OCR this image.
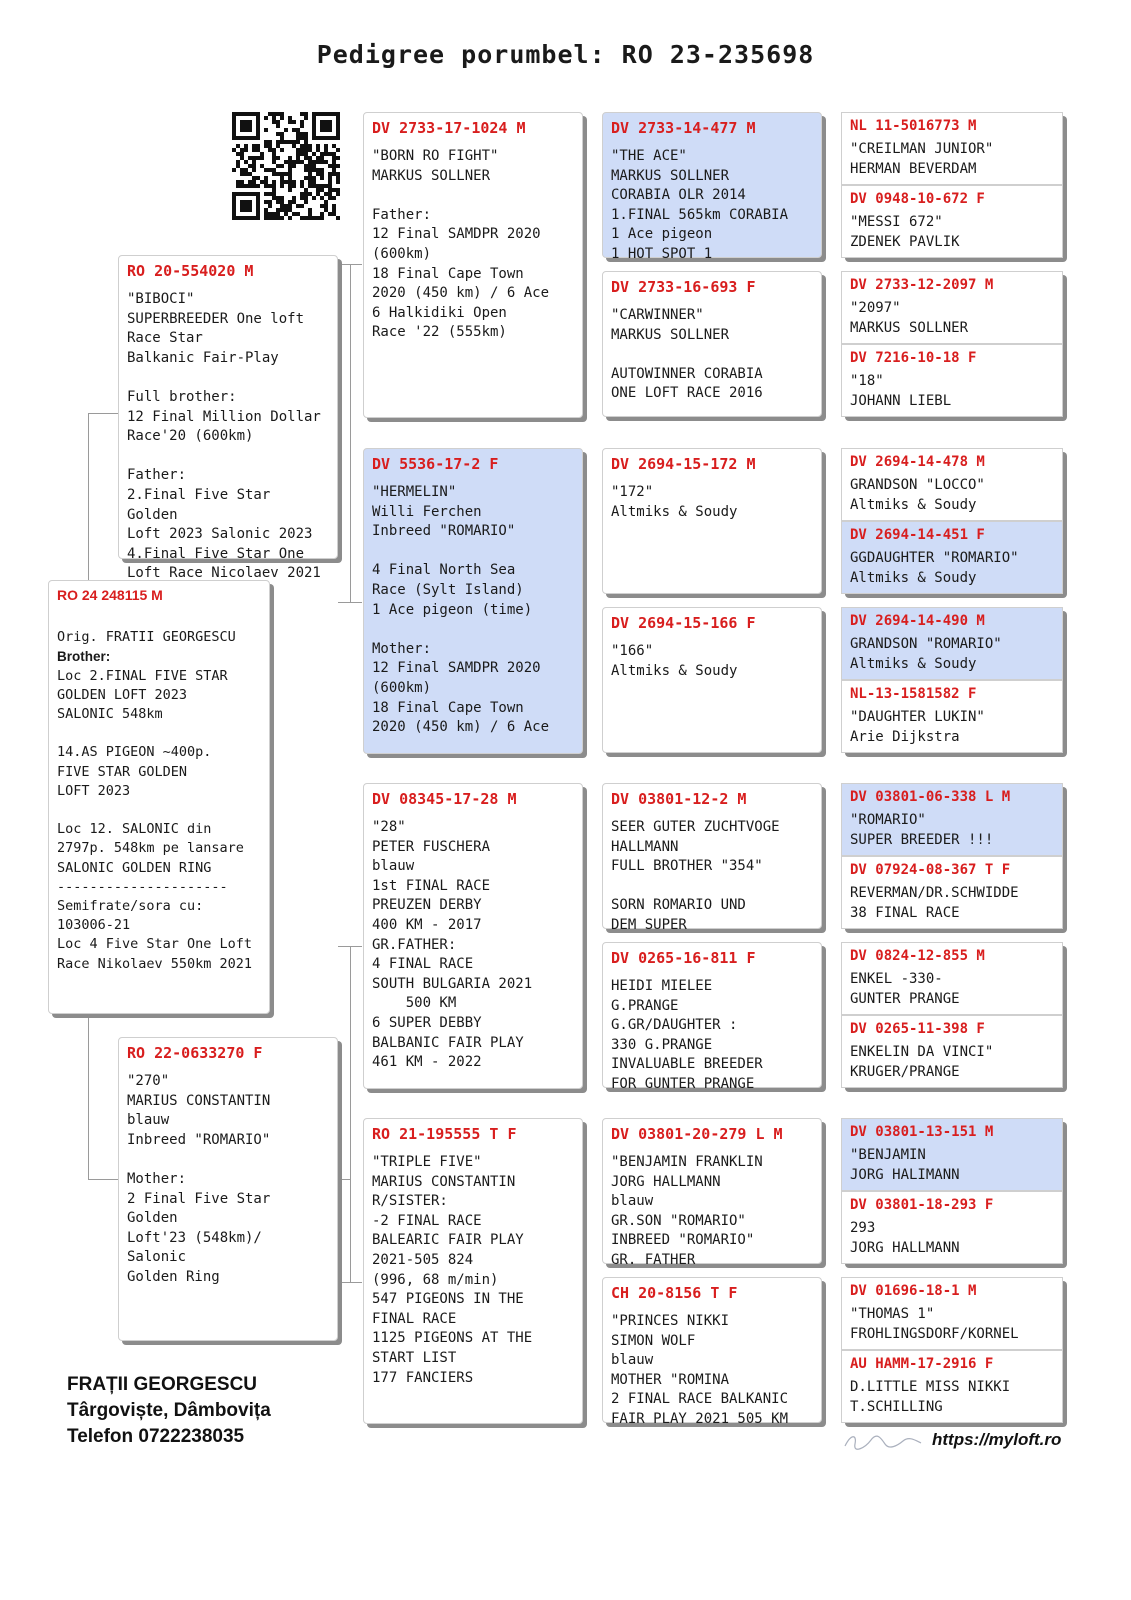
Pedigree porumbel: RO 23-235698
RO 24 248115 M

Orig. FRATII GEORGESCU
Brother:
Loc 2.FINAL FIVE STAR
GOLDEN LOFT 2023
SALONIC 548km

14.AS PIGEON ~400p.
FIVE STAR GOLDEN
LOFT 2023

Loc 12. SALONIC din
2797p. 548km pe lansare
SALONIC GOLDEN RING
---------------------
Semifrate/sora cu:
103006-21
Loc 4 Five Star One Loft
Race Nikolaev 550km 2021
RO 20-554020 M
"BIBOCI"
SUPERBREEDER One loft
Race Star
Balkanic Fair-Play

Full brother:
12 Final Million Dollar
Race'20 (600km)

Father:
2.Final Five Star Golden
Loft 2023 Salonic 2023
4.Final Five Star One
Loft Race Nicolaev 2021
RO 22-0633270 F
"270"
MARIUS CONSTANTIN
blauw
Inbreed "ROMARIO"

Mother:
2 Final Five Star Golden
Loft'23 (548km)/ Salonic
Golden Ring
DV 2733-17-1024 M
"BORN RO FIGHT"
MARKUS SOLLNER

Father:
12 Final SAMDPR 2020
(600km)
18 Final Cape Town
2020 (450 km) / 6 Ace
6 Halkidiki Open
Race '22 (555km)
DV 5536-17-2 F
"HERMELIN"
Willi Ferchen
Inbreed "ROMARIO"

4 Final North Sea
Race (Sylt Island)
1 Ace pigeon (time)

Mother:
12 Final SAMDPR 2020
(600km)
18 Final Cape Town
2020 (450 km) / 6 Ace
DV 08345-17-28 M
"28"
PETER FUSCHERA
blauw
1st FINAL RACE
PREUZEN DERBY
400 KM - 2017
GR.FATHER:
4 FINAL RACE
SOUTH BULGARIA 2021
500 KM
6 SUPER DEBBY
BALBANIC FAIR PLAY
461 KM - 2022
RO 21-195555 T F
"TRIPLE FIVE"
MARIUS CONSTANTIN
R/SISTER:
-2 FINAL RACE
BALEARIC FAIR PLAY
2021-505 824
(996, 68 m/min)
547 PIGEONS IN THE
FINAL RACE
1125 PIGEONS AT THE
START LIST
177 FANCIERS
DV 2733-14-477 M
"THE ACE"
MARKUS SOLLNER
CORABIA OLR 2014
1.FINAL 565km CORABIA
1 Ace pigeon
1 HOT SPOT 1
DV 2733-16-693 F
"CARWINNER"
MARKUS SOLLNER

AUTOWINNER CORABIA
ONE LOFT RACE 2016
DV 2694-15-172 M
"172"
Altmiks & Soudy
DV 2694-15-166 F
"166"
Altmiks & Soudy
DV 03801-12-2 M
SEER GUTER ZUCHTVOGE
HALLMANN
FULL BROTHER "354"

SORN ROMARIO UND
DEM SUPER
DV 0265-16-811 F
HEIDI MIELEE
G.PRANGE
G.GR/DAUGHTER :
330 G.PRANGE
INVALUABLE BREEDER
FOR GUNTER PRANGE
DV 03801-20-279 L M
"BENJAMIN FRANKLIN
JORG HALLMANN
blauw
GR.SON "ROMARIO"
INBREED "ROMARIO"
GR. FATHER
CH 20-8156 T F
"PRINCES NIKKI
SIMON WOLF
blauw
MOTHER "ROMINA
2 FINAL RACE BALKANIC
FAIR PLAY 2021 505 KM
NL 11-5016773 M
"CREILMAN JUNIOR"
HERMAN BEVERDAM
DV 0948-10-672 F
"MESSI 672"
ZDENEK PAVLIK
DV 2733-12-2097 M
"2097"
MARKUS SOLLNER
DV 7216-10-18 F
"18"
JOHANN LIEBL
DV 2694-14-478 M
GRANDSON "LOCCO"
Altmiks & Soudy
DV 2694-14-451 F
GGDAUGHTER "ROMARIO"
Altmiks & Soudy
DV 2694-14-490 M
GRANDSON "ROMARIO"
Altmiks & Soudy
NL-13-1581582 F
"DAUGHTER LUKIN"
Arie Dijkstra
DV 03801-06-338 L M
"ROMARIO"
SUPER BREEDER !!!
DV 07924-08-367 T F
REVERMAN/DR.SCHWIDDE
38 FINAL RACE
DV 0824-12-855 M
ENKEL -330-
GUNTER PRANGE
DV 0265-11-398 F
ENKELIN DA VINCI"
KRUGER/PRANGE
DV 03801-13-151 M
"BENJAMIN
JORG HALIMANN
DV 03801-18-293 F
293
JORG HALLMANN
DV 01696-18-1 M
"THOMAS 1"
FROHLINGSDORF/KORNEL
AU HAMM-17-2916 F
D.LITTLE MISS NIKKI
T.SCHILLING
FRAȚII GEORGESCU
Târgoviște, Dâmbovița
Telefon 0722238035	https://myloft.ro
